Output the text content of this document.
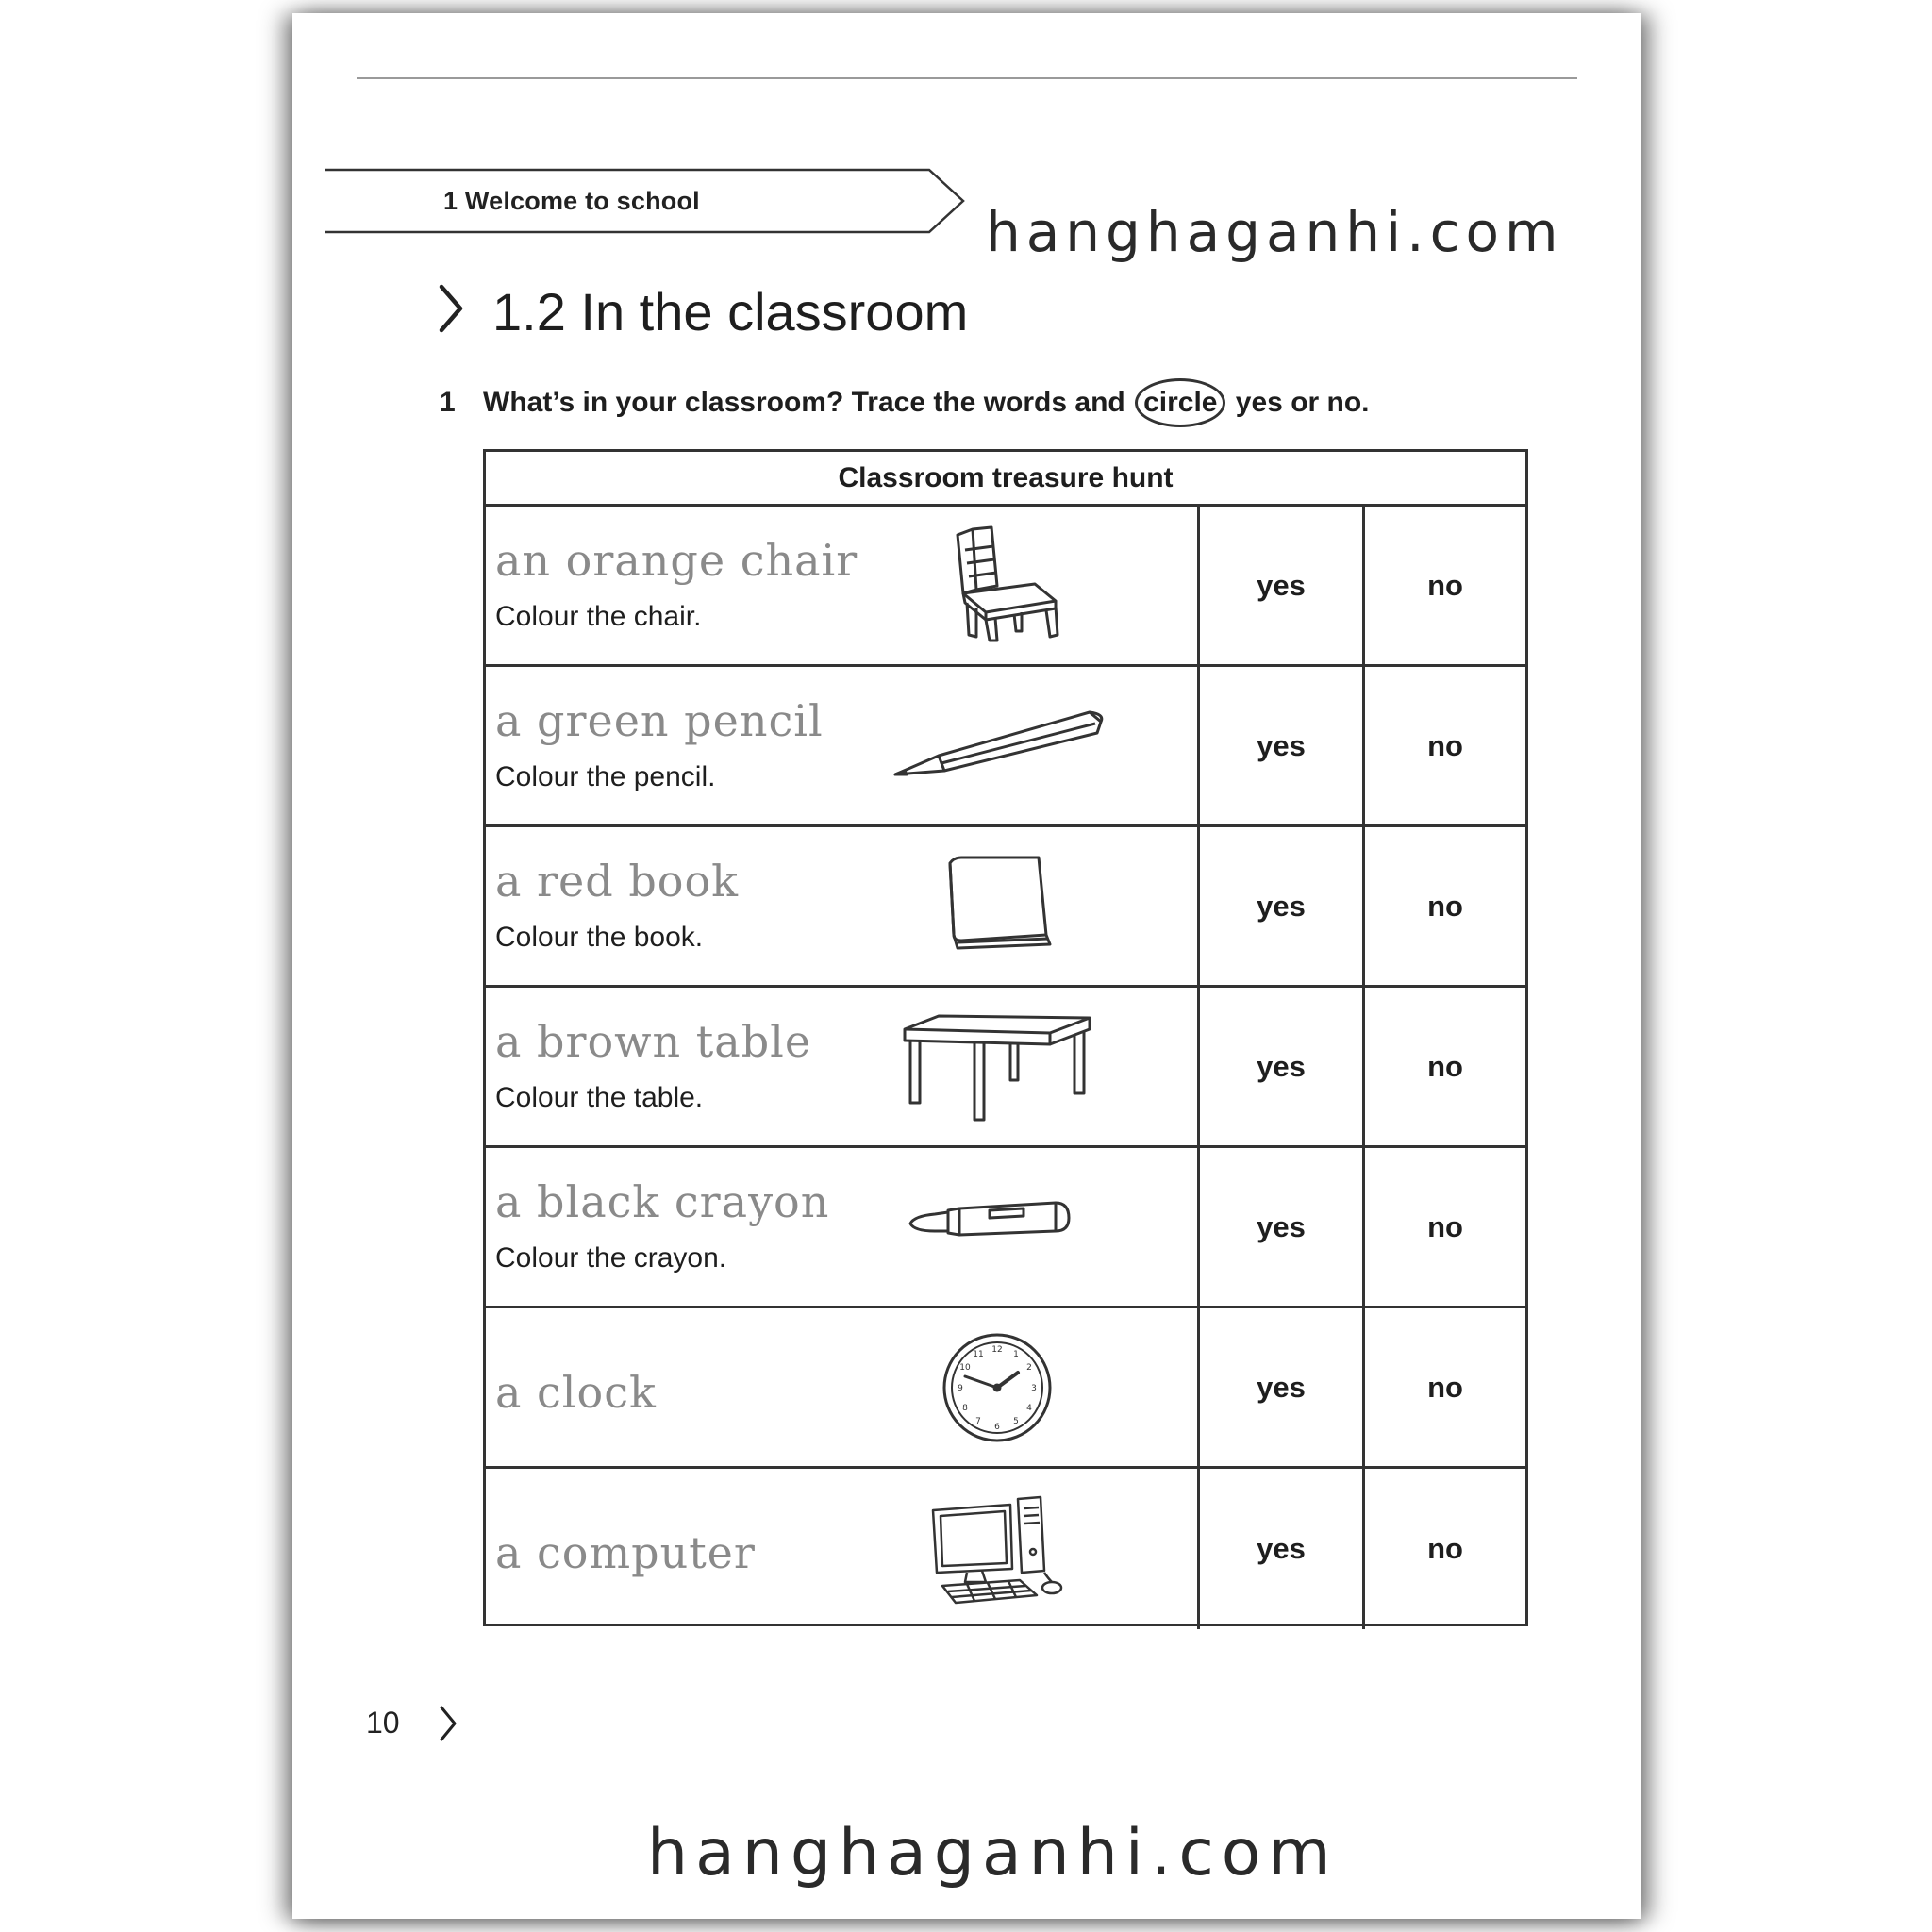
1 Welcome to school	hanghaganhi.com
1.2 In the classroom
1 What’s in your classroom? Trace the words and circle yes or no.
Classroom treasure hunt
an orange chair
Colour the chair.
yes	no
a green pencil
Colour the pencil.
yes	no
a red book
Colour the book.
yes	no
a brown table
Colour the table.
yes	no
a black crayon
Colour the crayon.
yes	no
a clock
12 1
2
3
4
5
6
7
8
9
10
11
yes	no
a computer	yes	no
10
hanghaganhi.com
